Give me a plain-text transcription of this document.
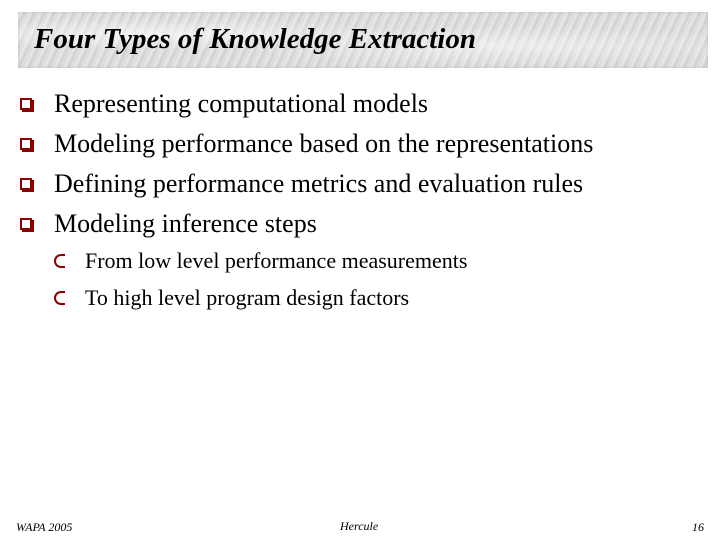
Four Types of Knowledge Extraction
Representing computational models
Modeling performance based on the representations
Defining performance metrics and evaluation rules
Modeling inference steps
From low level performance measurements
To high level program design factors
WAPA 2005	Hercule	16
